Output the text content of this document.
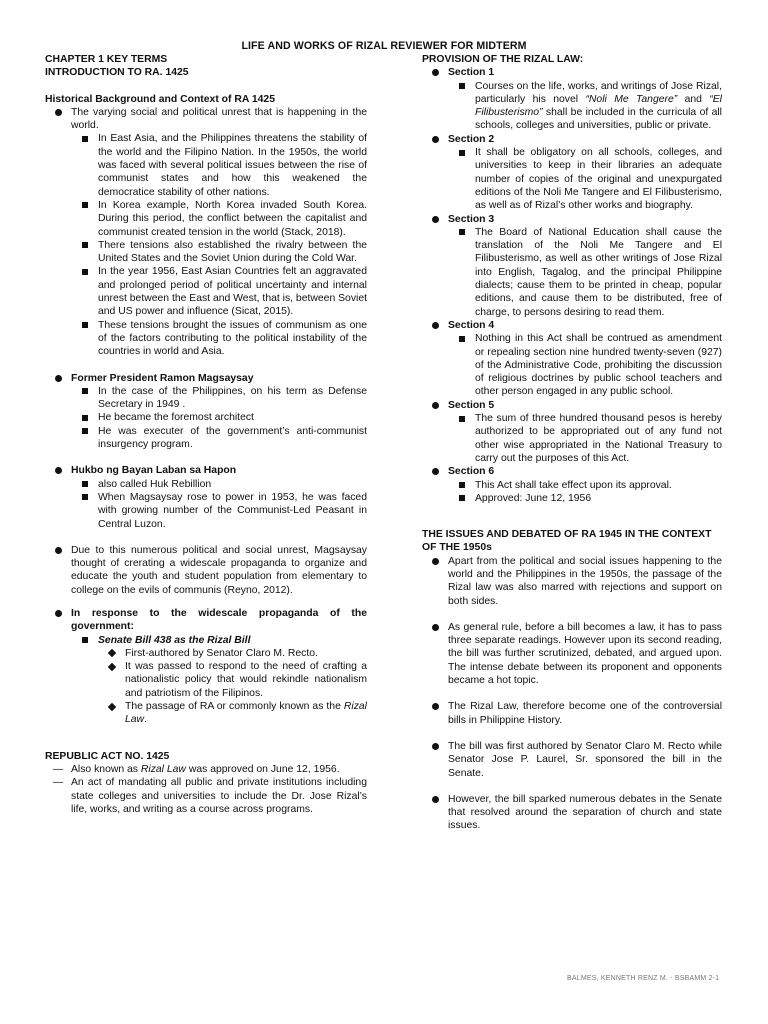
LIFE AND WORKS OF RIZAL REVIEWER FOR MIDTERM
CHAPTER 1 KEY TERMS
INTRODUCTION TO RA. 1425
Historical Background and Context of RA 1425
The varying social and political unrest that is happening in the world.
In East Asia, and the Philippines threatens the stability of the world and the Filipino Nation. In the 1950s, the world was faced with several political issues between the rise of communist states and how this weakened the democratice stability of other nations.
In Korea example, North Korea invaded South Korea. During this period, the conflict between the capitalist and communist created tension in the world (Stack, 2018).
There tensions also established the rivalry between the United States and the Soviet Union during the Cold War.
In the year 1956, East Asian Countries felt an aggravated and prolonged period of political uncertainty and internal unrest between the East and West, that is, between Soviet and US power and influence (Sicat, 2015).
These tensions brought the issues of communism as one of the factors contributing to the political instability of the countries in world and Asia.
Former President Ramon Magsaysay
In the case of the Philippines, on his term as Defense Secretary in 1949 .
He became the foremost architect
He was executer of the government’s anti-communist insurgency program.
Hukbo ng Bayan Laban sa Hapon
also called Huk Rebillion
When Magsaysay rose to power in 1953, he was faced with growing number of the Communist-Led Peasant in Central Luzon.
Due to this numerous political and social unrest, Magsaysay thought of crerating a widescale propaganda to organize and educate the youth and student population from elementary to college on the evils of communis (Reyno, 2012).
In response to the widescale propaganda of the government:
Senate Bill 438 as the Rizal Bill
First-authored by Senator Claro M. Recto.
It was passed to respond to the need of crafting a nationalistic policy that would rekindle nationalism and patriotism of the Filipinos.
The passage of RA or commonly known as the Rizal Law.
REPUBLIC ACT NO. 1425
— Also known as Rizal Law was approved on June 12, 1956.
— An act of mandating all public and private institutions including state colleges and universities to include the Dr. Jose Rizal’s life, works, and writing as a course across programs.
PROVISION OF THE RIZAL LAW:
Section 1
Courses on the life, works, and writings of Jose Rizal, particularly his novel “Noli Me Tangere” and “El Filibusterismo” shall be included in the curricula of all schools, colleges and universities, public or private.
Section 2
It shall be obligatory on all schools, colleges, and universities to keep in their libraries an adequate number of copies of the original and unexpurgated editions of the Noli Me Tangere and El Filibusterismo, as well as of Rizal’s other works and biography.
Section 3
The Board of National Education shall cause the translation of the Noli Me Tangere and El Filibusterismo, as well as other writings of Jose Rizal into English, Tagalog, and the principal Philippine dialects; cause them to be printed in cheap, popular editions, and cause them to be distributed, free of charge, to persons desiring to read them.
Section 4
Nothing in this Act shall be contrued as amendment or repealing section nine hundred twenty-seven (927) of the Administrative Code, prohibiting the discussion of religious doctrines by public school teachers and other person engaged in any public school.
Section 5
The sum of three hundred thousand pesos is hereby authorized to be appropriated out of any fund not other wise appropriated in the National Treasury to carry out the purposes of this Act.
Section 6
This Act shall take effect upon its approval.
Approved: June 12, 1956
THE ISSUES AND DEBATED OF RA 1945 IN THE CONTEXT OF THE 1950s
Apart from the political and social issues happening to the world and the Philippines in the 1950s, the passage of the Rizal law was also marred with rejections and support on both sides.
As general rule, before a bill becomes a law, it has to pass three separate readings. However upon its second reading, the bill was further scrutinized, debated, and argued upon. The intense debate between its proponent and opponents became a hot topic.
The Rizal Law, therefore become one of the controversial bills in Philippine History.
The bill was first authored by Senator Claro M. Recto while Senator Jose P. Laurel, Sr. sponsored the bill in the Senate.
However, the bill sparked numerous debates in the Senate that resolved around the separation of church and state issues.
BALMES, KENNETH RENZ M. - BSBAMM 2-1
